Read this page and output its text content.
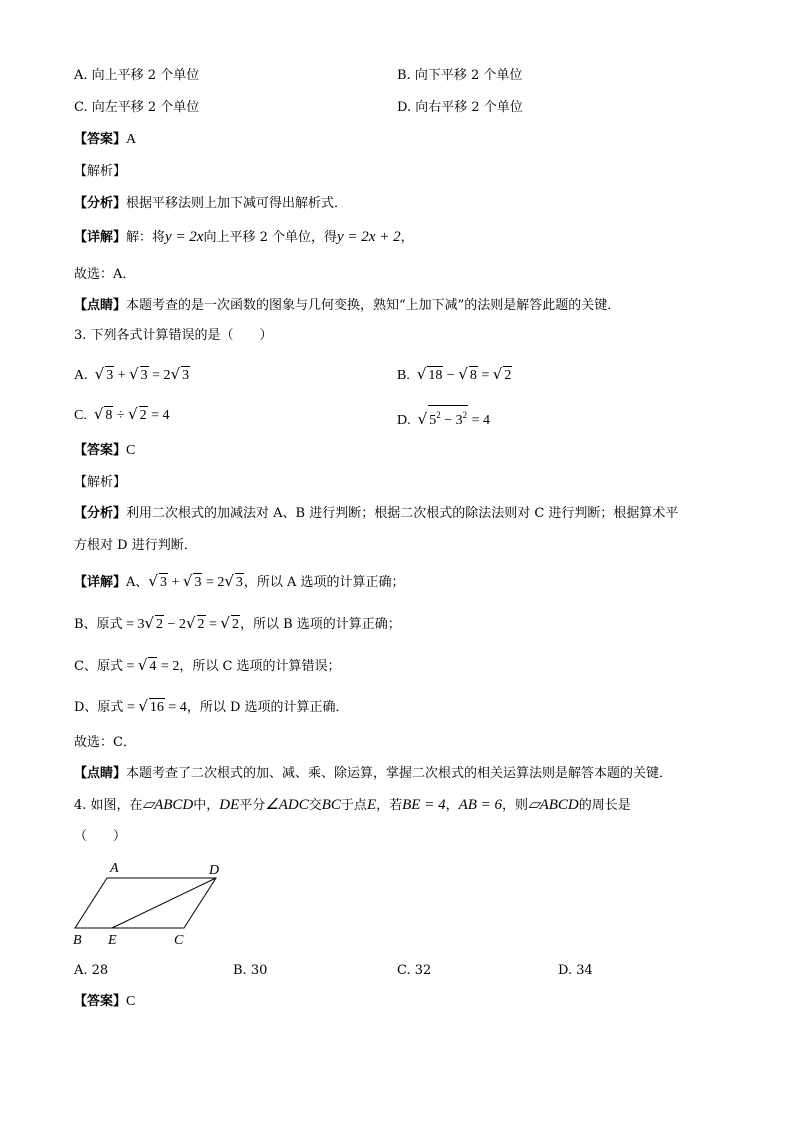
A. 向上平移 2 个单位	B. 向下平移 2 个单位
C. 向左平移 2 个单位	D. 向右平移 2 个单位
【答案】A
【解析】
【分析】根据平移法则上加下减可得出解析式．
【详解】解：将y = 2x向上平移 2 个单位，得y = 2x + 2，
故选：A．
【点睛】本题考查的是一次函数的图象与几何变换，熟知“上加下减”的法则是解答此题的关键．
3. 下列各式计算错误的是（　　）
A.  √ 3 + √ 3 = 2√ 3	B.  √ 18 − √ 8 = √ 2
C.  √ 8 ÷ √ 2 = 4	D.  √ $5^2 - 3^2 = 4$
【答案】C
【解析】
【分析】利用二次根式的加减法对 A、B 进行判断；根据二次根式的除法法则对 C 进行判断；根据算术平
方根对 D 进行判断．
【详解】A、√ 3 + √ 3 = 2√ 3，所以 A 选项的计算正确；
B、原式 = 3√ 2 − 2√ 2 = √ 2，所以 B 选项的计算正确；
C、原式 = √ 4 = 2，所以 C 选项的计算错误；
D、原式 = √ 16 = 4，所以 D 选项的计算正确．
故选：C．
【点睛】本题考查了二次根式的加、减、乘、除运算，掌握二次根式的相关运算法则是解答本题的关键．
4. 如图，在▱ABCD中，DE平分∠ADC交BC于点E，若BE = 4，AB = 6，则▱ABCD的周长是
（　　）
A	D
B E	C
A. 28	B. 30	C. 32	D. 34
【答案】C
